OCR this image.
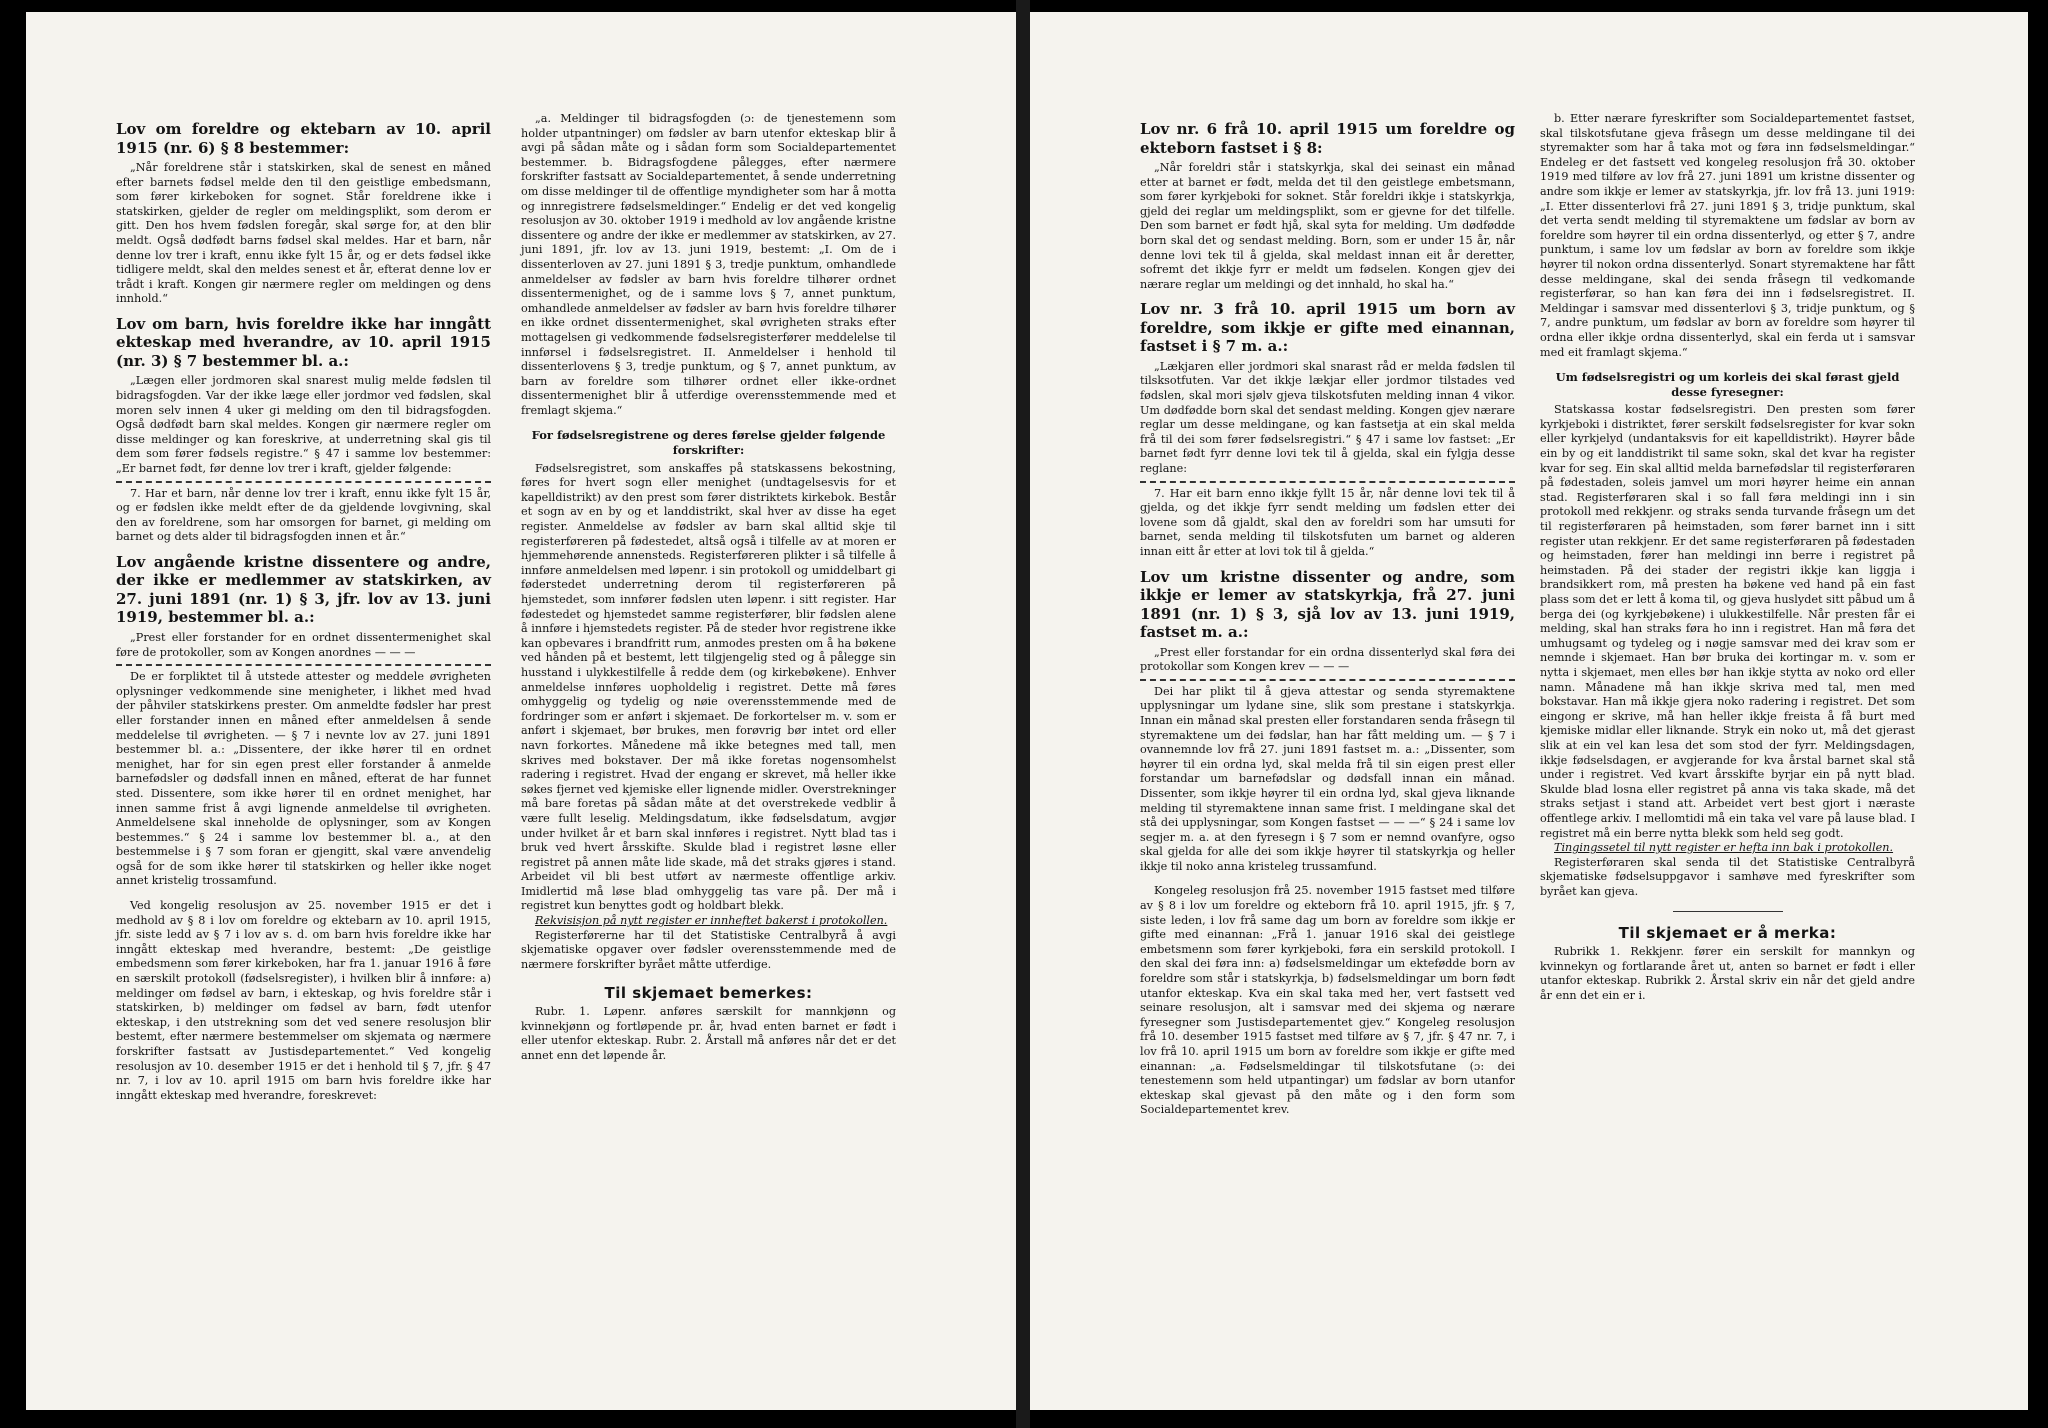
Lov om foreldre og ektebarn av 10. april 1915 (nr. 6) § 8 bestemmer:

„Når foreldrene står i statskirken, skal de senest en måned efter barnets fødsel melde den til den geistlige embedsmann, som fører kirkeboken for sognet. Står foreldrene ikke i statskirken, gjelder de regler om meldingsplikt, som derom er gitt. Den hos hvem fødslen foregår, skal sørge for, at den blir meldt. Også dødfødt barns fødsel skal meldes. Har et barn, når denne lov trer i kraft, ennu ikke fylt 15 år, og er dets fødsel ikke tidligere meldt, skal den meldes senest et år, efterat denne lov er trådt i kraft. Kongen gir nærmere regler om meldingen og dens innhold.“

Lov om barn, hvis foreldre ikke har inngått ekteskap med hverandre, av 10. april 1915 (nr. 3) § 7 bestemmer bl. a.:

„Lægen eller jordmoren skal snarest mulig melde fødslen til bidragsfogden. Var der ikke læge eller jordmor ved fødslen, skal moren selv innen 4 uker gi melding om den til bidragsfogden. Også dødfødt barn skal meldes. Kongen gir nærmere regler om disse meldinger og kan foreskrive, at underretning skal gis til dem som fører fødsels registre.“ § 47 i samme lov bestemmer: „Er barnet født, før denne lov trer i kraft, gjelder følgende:

7. Har et barn, når denne lov trer i kraft, ennu ikke fylt 15 år, og er fødslen ikke meldt efter de da gjeldende lovgivning, skal den av foreldrene, som har omsorgen for barnet, gi melding om barnet og dets alder til bidragsfogden innen et år.“

Lov angående kristne dissentere og andre, der ikke er medlemmer av statskirken, av 27. juni 1891 (nr. 1) § 3, jfr. lov av 13. juni 1919, bestemmer bl. a.:

„Prest eller forstander for en ordnet dissentermenighet skal føre de protokoller, som av Kongen anordnes — — —

De er forpliktet til å utstede attester og meddele øvrigheten oplysninger vedkommende sine menigheter, i likhet med hvad der påhviler statskirkens prester. Om anmeldte fødsler har prest eller forstander innen en måned efter anmeldelsen å sende meddelelse til øvrigheten. — § 7 i nevnte lov av 27. juni 1891 bestemmer bl. a.: „Dissentere, der ikke hører til en ordnet menighet, har for sin egen prest eller forstander å anmelde barnefødsler og dødsfall innen en måned, efterat de har funnet sted. Dissentere, som ikke hører til en ordnet menighet, har innen samme frist å avgi lignende anmeldelse til øvrigheten. Anmeldelsene skal inneholde de oplysninger, som av Kongen bestemmes.“ § 24 i samme lov bestemmer bl. a., at den bestemmelse i § 7 som foran er gjengitt, skal være anvendelig også for de som ikke hører til statskirken og heller ikke noget annet kristelig trossamfund.

Ved kongelig resolusjon av 25. november 1915 er det i medhold av § 8 i lov om foreldre og ektebarn av 10. april 1915, jfr. siste ledd av § 7 i lov av s. d. om barn hvis foreldre ikke har inngått ekteskap med hverandre, bestemt: „De geistlige embedsmenn som fører kirkeboken, har fra 1. januar 1916 å føre en særskilt protokoll (fødselsregister), i hvilken blir å innføre: a) meldinger om fødsel av barn, i ekteskap, og hvis foreldre står i statskirken, b) meldinger om fødsel av barn, født utenfor ekteskap, i den utstrekning som det ved senere resolusjon blir bestemt, efter nærmere bestemmelser om skjemata og nærmere forskrifter fastsatt av Justisdepartementet.“ Ved kongelig resolusjon av 10. desember 1915 er det i henhold til § 7, jfr. § 47 nr. 7, i lov av 10. april 1915 om barn hvis foreldre ikke har inngått ekteskap med hverandre, foreskrevet:

„a. Meldinger til bidragsfogden (ɔ: de tjenestemenn som holder utpantninger) om fødsler av barn utenfor ekteskap blir å avgi på sådan måte og i sådan form som Socialdepartementet bestemmer. b. Bidragsfogdene pålegges, efter nærmere forskrifter fastsatt av Socialdepartementet, å sende underretning om disse meldinger til de offentlige myndigheter som har å motta og innregistrere fødselsmeldinger.“ Endelig er det ved kongelig resolusjon av 30. oktober 1919 i medhold av lov angående kristne dissentere og andre der ikke er medlemmer av statskirken, av 27. juni 1891, jfr. lov av 13. juni 1919, bestemt: „I. Om de i dissenterloven av 27. juni 1891 § 3, tredje punktum, omhandlede anmeldelser av fødsler av barn hvis foreldre tilhører ordnet dissentermenighet, og de i samme lovs § 7, annet punktum, omhandlede anmeldelser av fødsler av barn hvis foreldre tilhører en ikke ordnet dissentermenighet, skal øvrigheten straks efter mottagelsen gi vedkommende fødselsregisterfører meddelelse til innførsel i fødselsregistret. II. Anmeldelser i henhold til dissenterlovens § 3, tredje punktum, og § 7, annet punktum, av barn av foreldre som tilhører ordnet eller ikke-ordnet dissentermenighet blir å utferdige overensstemmende med et fremlagt skjema.“

For fødselsregistrene og deres førelse gjelder følgende forskrifter:

Fødselsregistret, som anskaffes på statskassens bekostning, føres for hvert sogn eller menighet (undtagelsesvis for et kapelldistrikt) av den prest som fører distriktets kirkebok. Består et sogn av en by og et landdistrikt, skal hver av disse ha eget register. Anmeldelse av fødsler av barn skal alltid skje til registerføreren på fødestedet, altså også i tilfelle av at moren er hjemmehørende annensteds. Registerføreren plikter i så tilfelle å innføre anmeldelsen med løpenr. i sin protokoll og umiddelbart gi føderstedet underretning derom til registerføreren på hjemstedet, som innfører fødslen uten løpenr. i sitt register. Har fødestedet og hjemstedet samme registerfører, blir fødslen alene å innføre i hjemstedets register. På de steder hvor registrene ikke kan opbevares i brandfritt rum, anmodes presten om å ha bøkene ved hånden på et bestemt, lett tilgjengelig sted og å pålegge sin husstand i ulykkestilfelle å redde dem (og kirkebøkene). Enhver anmeldelse innføres uopholdelig i registret. Dette må føres omhyggelig og tydelig og nøie overensstemmende med de fordringer som er anført i skjemaet. De forkortelser m. v. som er anført i skjemaet, bør brukes, men forøvrig bør intet ord eller navn forkortes. Månedene må ikke betegnes med tall, men skrives med bokstaver. Der må ikke foretas nogensomhelst radering i registret. Hvad der engang er skrevet, må heller ikke søkes fjernet ved kjemiske eller lignende midler. Overstrekninger må bare foretas på sådan måte at det overstrekede vedblir å være fullt leselig. Meldingsdatum, ikke fødselsdatum, avgjør under hvilket år et barn skal innføres i registret. Nytt blad tas i bruk ved hvert årsskifte. Skulde blad i registret løsne eller registret på annen måte lide skade, må det straks gjøres i stand. Arbeidet vil bli best utført av nærmeste offentlige arkiv. Imidlertid må løse blad omhyggelig tas vare på. Der må i registret kun benyttes godt og holdbart blekk.

Rekvisisjon på nytt register er innheftet bakerst i protokollen.

Registerførerne har til det Statistiske Centralbyrå å avgi skjematiske opgaver over fødsler overensstemmende med de nærmere forskrifter byrået måtte utferdige.

Til skjemaet bemerkes:

Rubr. 1. Løpenr. anføres særskilt for mannkjønn og kvinnekjønn og fortløpende pr. år, hvad enten barnet er født i eller utenfor ekteskap. Rubr. 2. Årstall må anføres når det er det annet enn det løpende år.

Lov nr. 6 frå 10. april 1915 um foreldre og ekteborn fastset i § 8:

„Når foreldri står i statskyrkja, skal dei seinast ein månad etter at barnet er født, melda det til den geistlege embetsmann, som fører kyrkjeboki for soknet. Står foreldri ikkje i statskyrkja, gjeld dei reglar um meldingsplikt, som er gjevne for det tilfelle. Den som barnet er født hjå, skal syta for melding. Um dødfødde born skal det og sendast melding. Born, som er under 15 år, når denne lovi tek til å gjelda, skal meldast innan eit år deretter, sofremt det ikkje fyrr er meldt um fødselen. Kongen gjev dei nærare reglar um meldingi og det innhald, ho skal ha.“

Lov nr. 3 frå 10. april 1915 um born av foreldre, som ikkje er gifte med einannan, fastset i § 7 m. a.:

„Lækjaren eller jordmori skal snarast råd er melda fødslen til tilsksotfuten. Var det ikkje lækjar eller jordmor tilstades ved fødslen, skal mori sjølv gjeva tilskotsfuten melding innan 4 vikor. Um dødfødde born skal det sendast melding. Kongen gjev nærare reglar um desse meldingane, og kan fastsetja at ein skal melda frå til dei som fører fødselsregistri.“ § 47 i same lov fastset: „Er barnet født fyrr denne lovi tek til å gjelda, skal ein fylgja desse reglane:

7. Har eit barn enno ikkje fyllt 15 år, når denne lovi tek til å gjelda, og det ikkje fyrr sendt melding um fødslen etter dei lovene som då gjaldt, skal den av foreldri som har umsuti for barnet, senda melding til tilskotsfuten um barnet og alderen innan eitt år etter at lovi tok til å gjelda.“

Lov um kristne dissenter og andre, som ikkje er lemer av statskyrkja, frå 27. juni 1891 (nr. 1) § 3, sjå lov av 13. juni 1919, fastset m. a.:

„Prest eller forstandar for ein ordna dissenterlyd skal føra dei protokollar som Kongen krev — — —

Dei har plikt til å gjeva attestar og senda styremaktene upplysningar um lydane sine, slik som prestane i statskyrkja. Innan ein månad skal presten eller forstandaren senda fråsegn til styremaktene um dei fødslar, han har fått melding um. — § 7 i ovannemnde lov frå 27. juni 1891 fastset m. a.: „Dissenter, som høyrer til ein ordna lyd, skal melda frå til sin eigen prest eller forstandar um barnefødslar og dødsfall innan ein månad. Dissenter, som ikkje høyrer til ein ordna lyd, skal gjeva liknande melding til styremaktene innan same frist. I meldingane skal det stå dei upplysningar, som Kongen fastset — — —“ § 24 i same lov segjer m. a. at den fyresegn i § 7 som er nemnd ovanfyre, ogso skal gjelda for alle dei som ikkje høyrer til statskyrkja og heller ikkje til noko anna kristeleg trussamfund.

Kongeleg resolusjon frå 25. november 1915 fastset med tilføre av § 8 i lov um foreldre og ekteborn frå 10. april 1915, jfr. § 7, siste leden, i lov frå same dag um born av foreldre som ikkje er gifte med einannan: „Frå 1. januar 1916 skal dei geistlege embetsmenn som fører kyrkjeboki, føra ein serskild protokoll. I den skal dei føra inn: a) fødselsmeldingar um ektefødde born av foreldre som står i statskyrkja, b) fødselsmeldingar um born født utanfor ekteskap. Kva ein skal taka med her, vert fastsett ved seinare resolusjon, alt i samsvar med dei skjema og nærare fyresegner som Justisdepartementet gjev.“ Kongeleg resolusjon frå 10. desember 1915 fastset med tilføre av § 7, jfr. § 47 nr. 7, i lov frå 10. april 1915 um born av foreldre som ikkje er gifte med einannan: „a. Fødselsmeldingar til tilskotsfutane (ɔ: dei tenestemenn som held utpantingar) um fødslar av born utanfor ekteskap skal gjevast på den måte og i den form som Socialdepartementet krev.

b. Etter nærare fyreskrifter som Socialdepartementet fastset, skal tilskotsfutane gjeva fråsegn um desse meldingane til dei styremakter som har å taka mot og føra inn fødselsmeldingar.“ Endeleg er det fastsett ved kongeleg resolusjon frå 30. oktober 1919 med tilføre av lov frå 27. juni 1891 um kristne dissenter og andre som ikkje er lemer av statskyrkja, jfr. lov frå 13. juni 1919: „I. Etter dissenterlovi frå 27. juni 1891 § 3, tridje punktum, skal det verta sendt melding til styremaktene um fødslar av born av foreldre som høyrer til ein ordna dissenterlyd, og etter § 7, andre punktum, i same lov um fødslar av born av foreldre som ikkje høyrer til nokon ordna dissenterlyd. Sonart styremaktene har fått desse meldingane, skal dei senda fråsegn til vedkomande registerførar, so han kan føra dei inn i fødselsregistret. II. Meldingar i samsvar med dissenterlovi § 3, tridje punktum, og § 7, andre punktum, um fødslar av born av foreldre som høyrer til ordna eller ikkje ordna dissenterlyd, skal ein ferda ut i samsvar med eit framlagt skjema.“

Um fødselsregistri og um korleis dei skal førast gjeld desse fyresegner:

Statskassa kostar fødselsregistri. Den presten som fører kyrkjeboki i distriktet, fører serskilt fødselsregister for kvar sokn eller kyrkjelyd (undantaksvis for eit kapelldistrikt). Høyrer både ein by og eit landdistrikt til same sokn, skal det kvar ha register kvar for seg. Ein skal alltid melda barnefødslar til registerføraren på fødestaden, soleis jamvel um mori høyrer heime ein annan stad. Registerføraren skal i so fall føra meldingi inn i sin protokoll med rekkjenr. og straks senda turvande fråsegn um det til registerføraren på heimstaden, som fører barnet inn i sitt register utan rekkjenr. Er det same registerføraren på fødestaden og heimstaden, fører han meldingi inn berre i registret på heimstaden. På dei stader der registri ikkje kan liggja i brandsikkert rom, må presten ha bøkene ved hand på ein fast plass som det er lett å koma til, og gjeva huslydet sitt påbud um å berga dei (og kyrkjebøkene) i ulukkestilfelle. Når presten får ei melding, skal han straks føra ho inn i registret. Han må føra det umhugsamt og tydeleg og i nøgje samsvar med dei krav som er nemnde i skjemaet. Han bør bruka dei kortingar m. v. som er nytta i skjemaet, men elles bør han ikkje stytta av noko ord eller namn. Månadene må han ikkje skriva med tal, men med bokstavar. Han må ikkje gjera noko radering i registret. Det som eingong er skrive, må han heller ikkje freista å få burt med kjemiske midlar eller liknande. Stryk ein noko ut, må det gjerast slik at ein vel kan lesa det som stod der fyrr. Meldingsdagen, ikkje fødselsdagen, er avgjerande for kva årstal barnet skal stå under i registret. Ved kvart årsskifte byrjar ein på nytt blad. Skulde blad losna eller registret på anna vis taka skade, må det straks setjast i stand att. Arbeidet vert best gjort i næraste offentlege arkiv. I mellomtidi må ein taka vel vare på lause blad. I registret må ein berre nytta blekk som held seg godt.

Tingingssetel til nytt register er hefta inn bak i protokollen.

Registerføraren skal senda til det Statistiske Centralbyrå skjematiske fødselsuppgavor i samhøve med fyreskrifter som byrået kan gjeva.

Til skjemaet er å merka:

Rubrikk 1. Rekkjenr. fører ein serskilt for mannkyn og kvinnekyn og fortlarande året ut, anten so barnet er født i eller utanfor ekteskap. Rubrikk 2. Årstal skriv ein når det gjeld andre år enn det ein er i.
